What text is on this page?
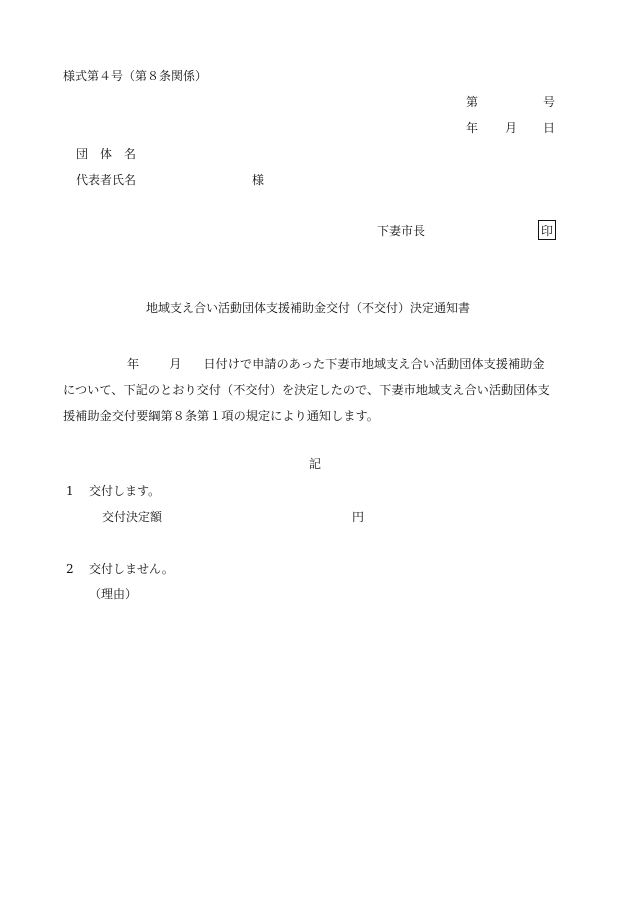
様式第４号（第８条関係）
第	号
年 月 日
団　体　名
代表者氏名	様
下妻市長	印
地域支え合い活動団体支援補助金交付（不交付）決定通知書
年 月 日付けで申請のあった下妻市地域支え合い活動団体支援補助金
について、下記のとおり交付（不交付）を決定したので、下妻市地域支え合い活動団体支
援補助金交付要綱第８条第１項の規定により通知します。
記
1 交付します。
交付決定額	円
2 交付しません。
（理由）
